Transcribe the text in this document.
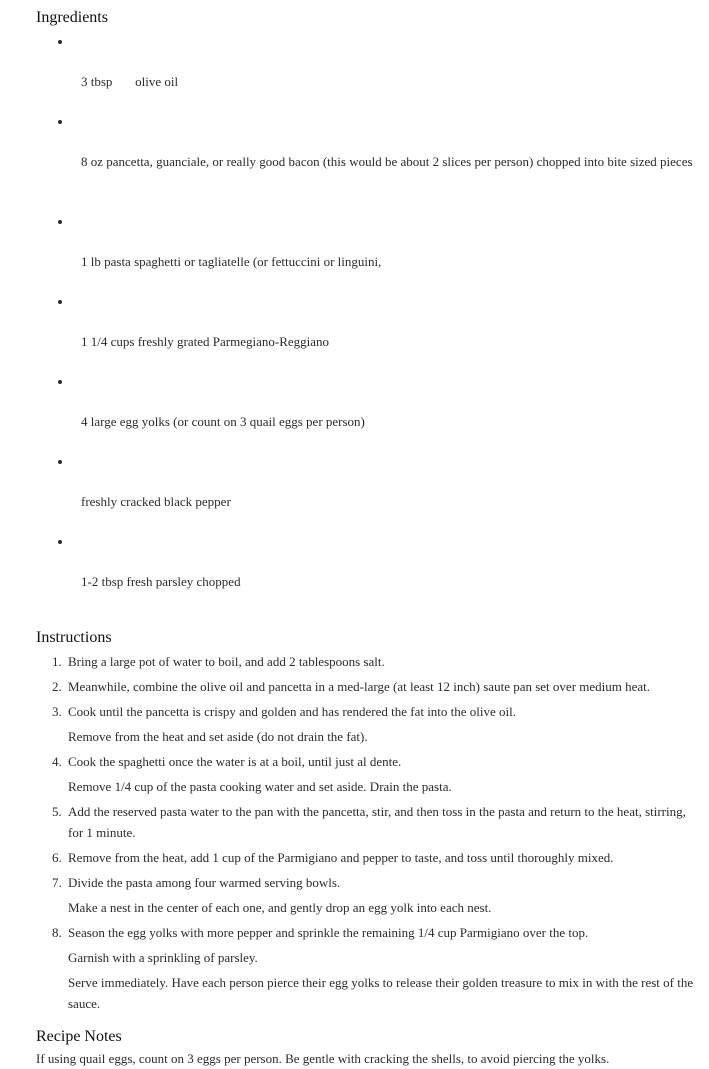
Ingredients

3 tbsp       olive oil

8 oz pancetta, guanciale, or really good bacon (this would be about 2 slices per person) chopped into bite sized pieces

1 lb pasta spaghetti or tagliatelle (or fettuccini or linguini,

1 1/4 cups freshly grated Parmegiano-Reggiano

4 large egg yolks (or count on 3 quail eggs per person)

freshly cracked black pepper

1-2 tbsp fresh parsley chopped

Instructions
1. Bring a large pot of water to boil, and add 2 tablespoons salt.

2. Meanwhile, combine the olive oil and pancetta in a med-large (at least 12 inch) saute pan set over medium heat.

3. Cook until the pancetta is crispy and golden and has rendered the fat into the olive oil.

Remove from the heat and set aside (do not drain the fat).

4. Cook the spaghetti once the water is at a boil, until just al dente.

Remove 1/4 cup of the pasta cooking water and set aside. Drain the pasta.

5. Add the reserved pasta water to the pan with the pancetta, stir, and then toss in the pasta and return to the heat, stirring, for 1 minute.

6. Remove from the heat, add 1 cup of the Parmigiano and pepper to taste, and toss until thoroughly mixed.

7. Divide the pasta among four warmed serving bowls.

Make a nest in the center of each one, and gently drop an egg yolk into each nest.

8. Season the egg yolks with more pepper and sprinkle the remaining 1/4 cup Parmigiano over the top.

Garnish with a sprinkling of parsley.

Serve immediately. Have each person pierce their egg yolks to release their golden treasure to mix in with the rest of the sauce.

Recipe Notes

If using quail eggs, count on 3 eggs per person. Be gentle with cracking the shells, to avoid piercing the yolks.
